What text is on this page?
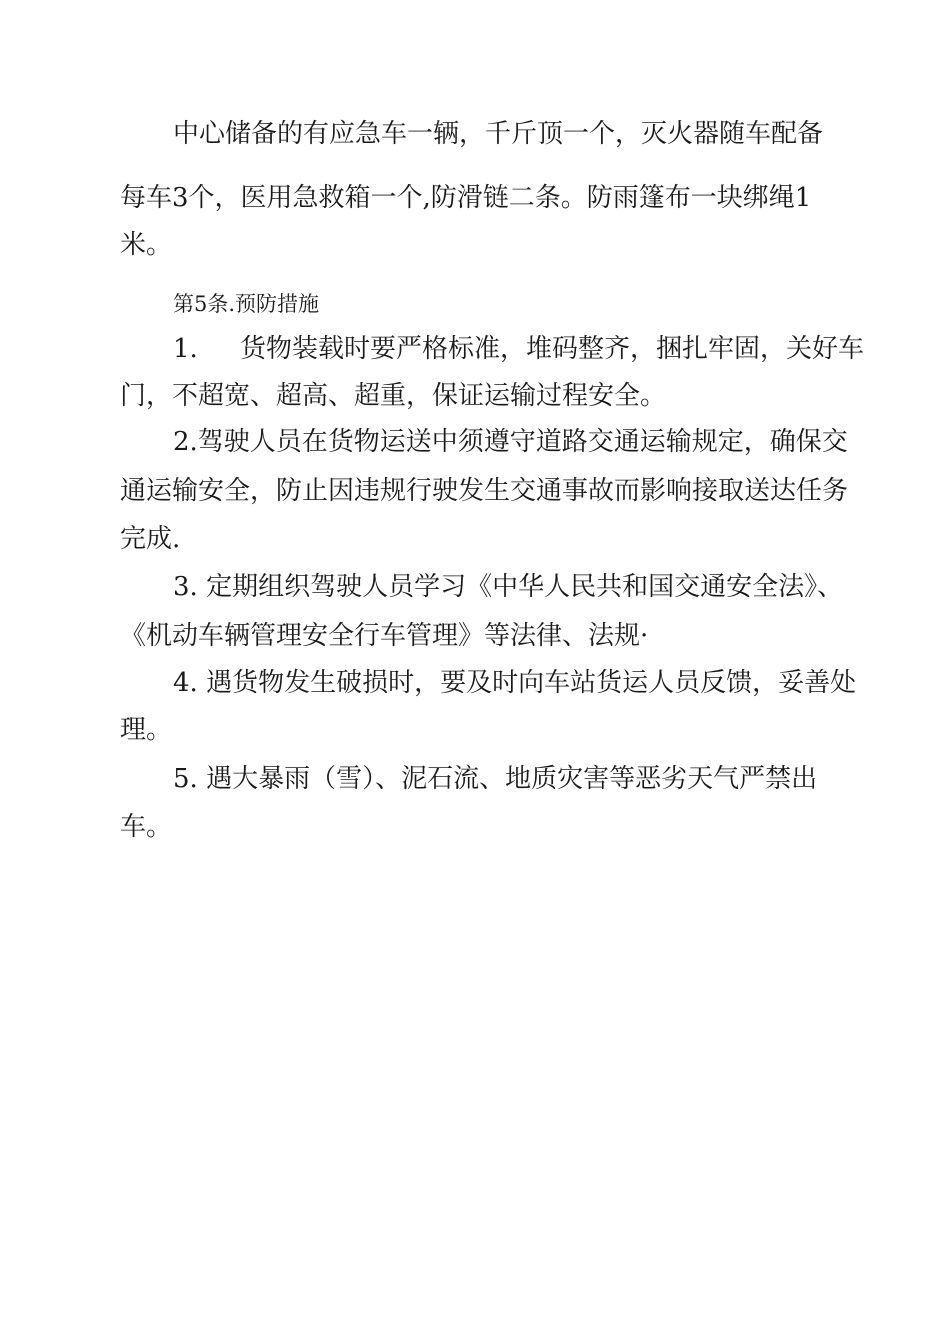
中心储备的有应急车一辆，千斤顶一个，灭火器随车配备
每车3个，医用急救箱一个,防滑链二条。防雨篷布一块绑绳1
米。
第5条.预防措施
1. 货物装载时要严格标准，堆码整齐，捆扎牢固，关好车
门，不超宽、超高、超重，保证运输过程安全。
2.驾驶人员在货物运送中须遵守道路交通运输规定，确保交
通运输安全，防止因违规行驶发生交通事故而影响接取送达任务
完成.
3. 定期组织驾驶人员学习《中华人民共和国交通安全法》、
《机动车辆管理安全行车管理》等法律、法规·
4. 遇货物发生破损时，要及时向车站货运人员反馈，妥善处
理。
5. 遇大暴雨（雪）、泥石流、地质灾害等恶劣天气严禁出
车。
